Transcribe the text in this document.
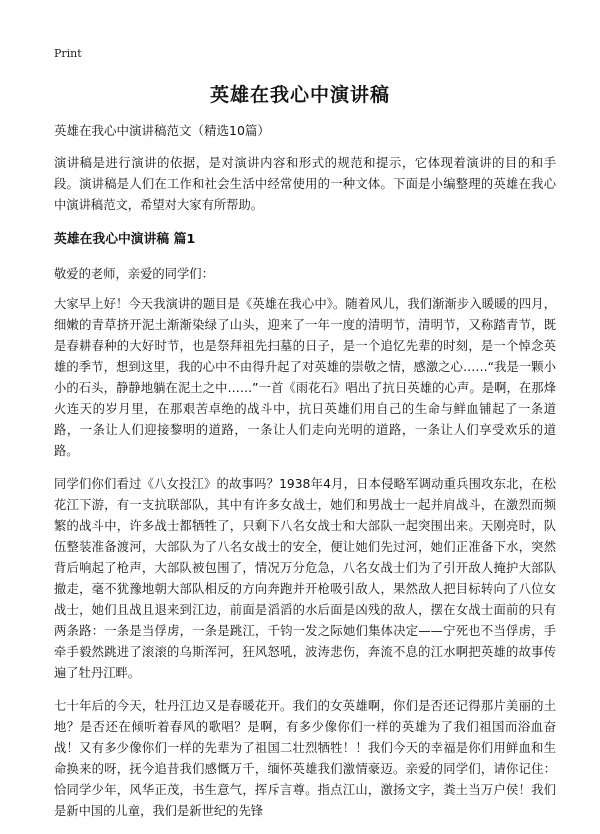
Print
英雄在我心中演讲稿

英雄在我心中演讲稿范文（精选10篇）

演讲稿是进行演讲的依据，是对演讲内容和形式的规范和提示，它体现着演讲的目的和手段。演讲稿是人们在工作和社会生活中经常使用的一种文体。下面是小编整理的英雄在我心中演讲稿范文，希望对大家有所帮助。

英雄在我心中演讲稿 篇1

敬爱的老师，亲爱的同学们：

大家早上好！今天我演讲的题目是《英雄在我心中》。随着风儿，我们渐渐步入暖暖的四月，细嫩的青草挤开泥土渐渐染绿了山头，迎来了一年一度的清明节，清明节，又称踏青节，既是春耕春种的大好时节，也是祭拜祖先扫墓的日子，是一个追忆先辈的时刻，是一个悼念英雄的季节，想到这里，我的心中不由得升起了对英雄的崇敬之情，感激之心……“我是一颗小小的石头，静静地躺在泥土之中……”一首《雨花石》唱出了抗日英雄的心声。是啊，在那烽火连天的岁月里，在那艰苦卓绝的战斗中，抗日英雄们用自己的生命与鲜血铺起了一条道路，一条让人们迎接黎明的道路，一条让人们走向光明的道路，一条让人们享受欢乐的道路。

同学们你们看过《八女投江》的故事吗？1938年4月，日本侵略军调动重兵围攻东北，在松花江下游，有一支抗联部队，其中有许多女战士，她们和男战士一起并肩战斗，在激烈而频繁的战斗中，许多战士都牺牲了，只剩下八名女战士和大部队一起突围出来。天刚亮时，队伍整装准备渡河，大部队为了八名女战士的安全，便让她们先过河，她们正准备下水，突然背后响起了枪声，大部队被包围了，情况万分危急，八名女战士们为了引开敌人掩护大部队撤走，毫不犹豫地朝大部队相反的方向奔跑并开枪吸引敌人，果然敌人把目标转向了八位女战士，她们且战且退来到江边，前面是滔滔的水后面是凶残的敌人，摆在女战士面前的只有两条路：一条是当俘虏，一条是跳江，千钧一发之际她们集体决定——宁死也不当俘虏，手牵手毅然跳进了滚滚的乌斯浑河，狂风怒吼，波涛悲伤，奔流不息的江水啊把英雄的故事传遍了牡丹江畔。

七十年后的今天，牡丹江边又是春暖花开。我们的女英雄啊，你们是否还记得那片美丽的土地？是否还在倾听着春风的歌唱？是啊，有多少像你们一样的英雄为了我们祖国而浴血奋战！又有多少像你们一样的先辈为了祖国二壮烈牺牲！！我们今天的幸福是你们用鲜血和生命换来的呀，抚今追昔我们感慨万千，缅怀英雄我们激情豪迈。亲爱的同学们，请你记住：恰同学少年，风华正茂，书生意气，挥斥言尊。指点江山，激扬文字，粪土当万户侯！我们是新中国的儿童，我们是新世纪的先锋
